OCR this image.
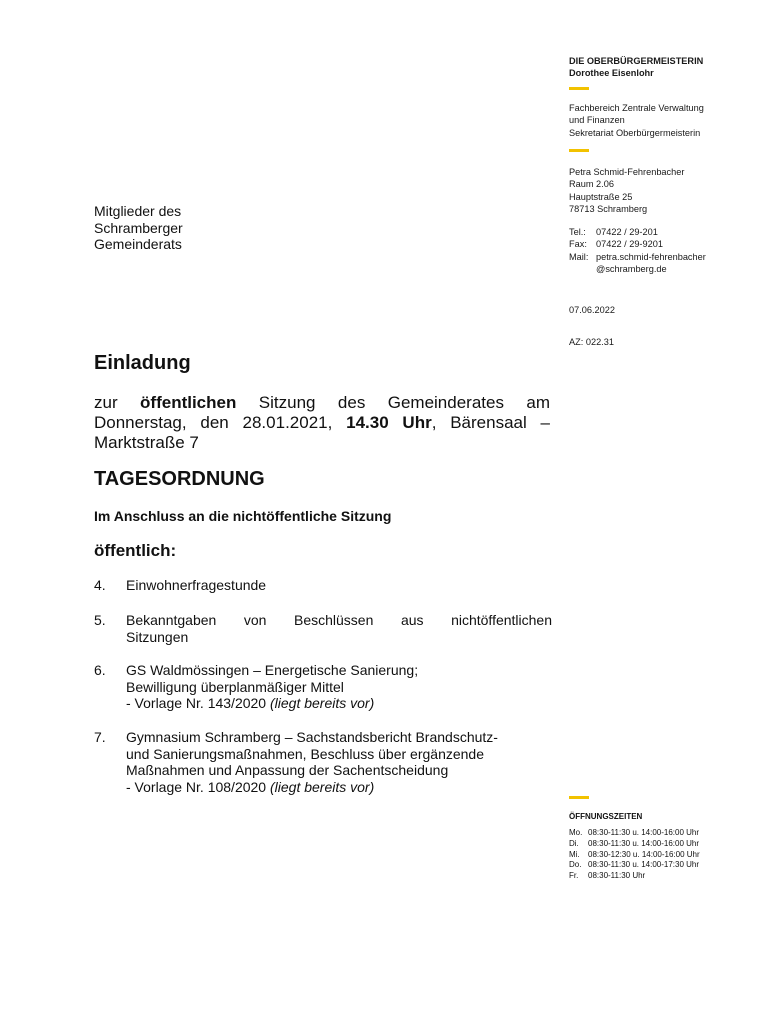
DIE OBERBÜRGERMEISTERIN
Dorothee Eisenlohr
Fachbereich Zentrale Verwaltung
und Finanzen
Sekretariat Oberbürgermeisterin
Petra Schmid-Fehrenbacher
Raum 2.06
Hauptstraße 25
78713 Schramberg
Tel.:	07422 / 29-201
Fax: 07422 / 29-9201
Mail: petra.schmid-fehrenbacher
@schramberg.de
07.06.2022
AZ: 022.31
Mitglieder des
Schramberger
Gemeinderats
Einladung
zur öffentlichen Sitzung des Gemeinderates am Donnerstag, den 28.01.2021, 14.30 Uhr, Bärensaal – Marktstraße 7
TAGESORDNUNG
Im Anschluss an die nichtöffentliche Sitzung
öffentlich:
4.	Einwohnerfragestunde
5.	Bekanntgaben von Beschlüssen aus nichtöffentlichen
Sitzungen
6.	GS Waldmössingen – Energetische Sanierung;
Bewilligung überplanmäßiger Mittel
- Vorlage Nr. 143/2020 (liegt bereits vor)
7.	Gymnasium Schramberg – Sachstandsbericht Brandschutz-
und Sanierungsmaßnahmen, Beschluss über ergänzende
Maßnahmen und Anpassung der Sachentscheidung
- Vorlage Nr. 108/2020 (liegt bereits vor)
ÖFFNUNGSZEITEN
Mo. 08:30-11:30 u. 14:00-16:00 Uhr
Di.	08:30-11:30 u. 14:00-16:00 Uhr
Mi.	08:30-12:30 u. 14:00-16:00 Uhr
Do. 08:30-11:30 u. 14:00-17:30 Uhr
Fr.	08:30-11:30 Uhr
